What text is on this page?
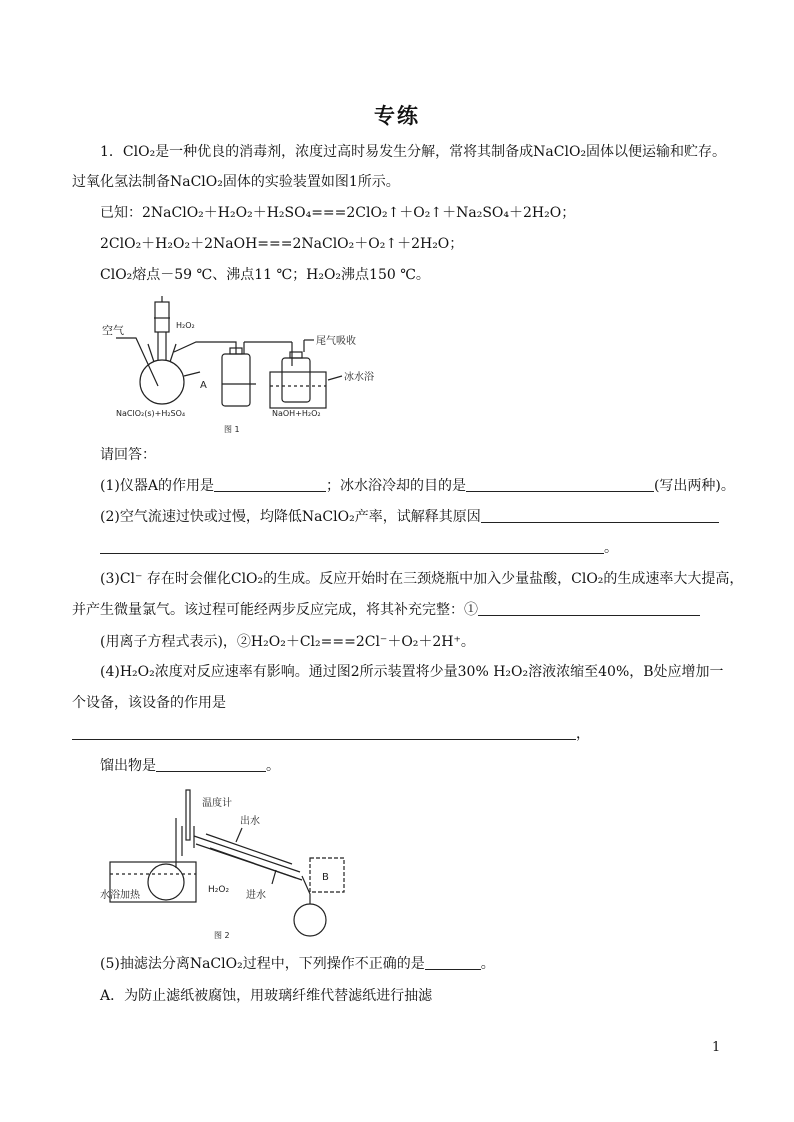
专练
1．ClO₂是一种优良的消毒剂，浓度过高时易发生分解，常将其制备成NaClO₂固体以便运输和贮存。
过氧化氢法制备NaClO₂固体的实验装置如图1所示。
已知：2NaClO₂＋H₂O₂＋H₂SO₄===2ClO₂↑＋O₂↑＋Na₂SO₄＋2H₂O；
2ClO₂＋H₂O₂＋2NaOH===2NaClO₂＋O₂↑＋2H₂O；
ClO₂熔点－59 ℃、沸点11 ℃；H₂O₂沸点150 ℃。
空气	H₂O₂
尾气吸收
A
冰水浴
NaClO₂(s)+H₂SO₄	NaOH+H₂O₂
图 1
请回答：
(1)仪器A的作用是	；冰水浴冷却的目的是	(写出两种)。
(2)空气流速过快或过慢，均降低NaClO₂产率，试解释其原因
。
(3)Cl⁻ 存在时会催化ClO₂的生成。反应开始时在三颈烧瓶中加入少量盐酸，ClO₂的生成速率大大提高，
并产生微量氯气。该过程可能经两步反应完成，将其补充完整：①
(用离子方程式表示)，②H₂O₂＋Cl₂===2Cl⁻＋O₂＋2H⁺。
(4)H₂O₂浓度对反应速率有影响。通过图2所示装置将少量30% H₂O₂溶液浓缩至40%，B处应增加一
个设备，该设备的作用是
，
馏出物是	。
温度计
出水
B
进水
水浴加热	H₂O₂
图 2
(5)抽滤法分离NaClO₂过程中，下列操作不正确的是	。
A．为防止滤纸被腐蚀，用玻璃纤维代替滤纸进行抽滤
1
